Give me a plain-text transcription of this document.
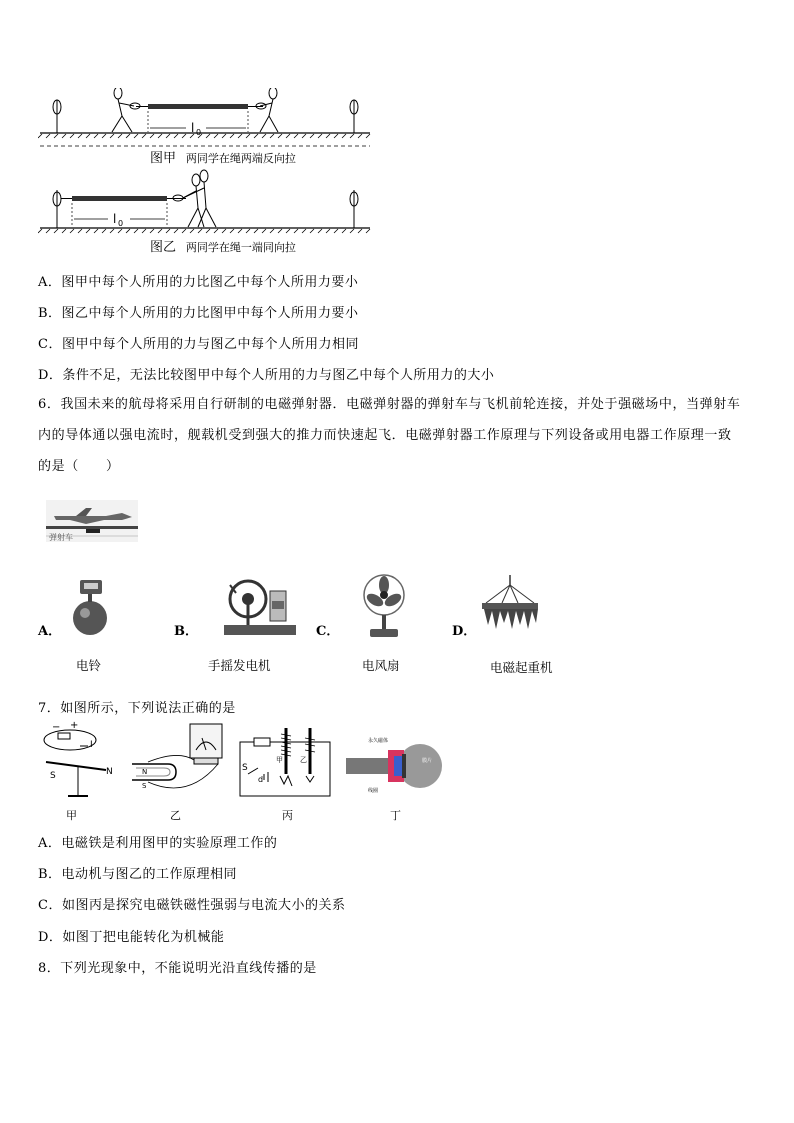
l 0
l 0
图甲 两同学在绳两端反向拉
图乙 两同学在绳一端同向拉
A．图甲中每个人所用的力比图乙中每个人所用力要小
B．图乙中每个人所用的力比图甲中每个人所用力要小
C．图甲中每个人所用的力与图乙中每个人所用力相同
D．条件不足，无法比较图甲中每个人所用的力与图乙中每个人所用力的大小
6．我国未来的航母将采用自行研制的电磁弹射器．电磁弹射器的弹射车与飞机前轮连接，并处于强磁场中，当弹射车
内的导体通以强电流时，舰载机受到强大的推力而快速起飞．电磁弹射器工作原理与下列设备或用电器工作原理一致
的是（　　）
弹射车
A．
电铃
B．
手摇发电机
C．
电风扇
D．
电磁起重机
7．如图所示，下列说法正确的是
− +
I
S	N
甲
N
S
乙
S
甲 乙
d
丙
永久磁体
线圈
膜片
丁
A．电磁铁是利用图甲的实验原理工作的
B．电动机与图乙的工作原理相同
C．如图丙是探究电磁铁磁性强弱与电流大小的关系
D．如图丁把电能转化为机械能
8．下列光现象中，不能说明光沿直线传播的是
